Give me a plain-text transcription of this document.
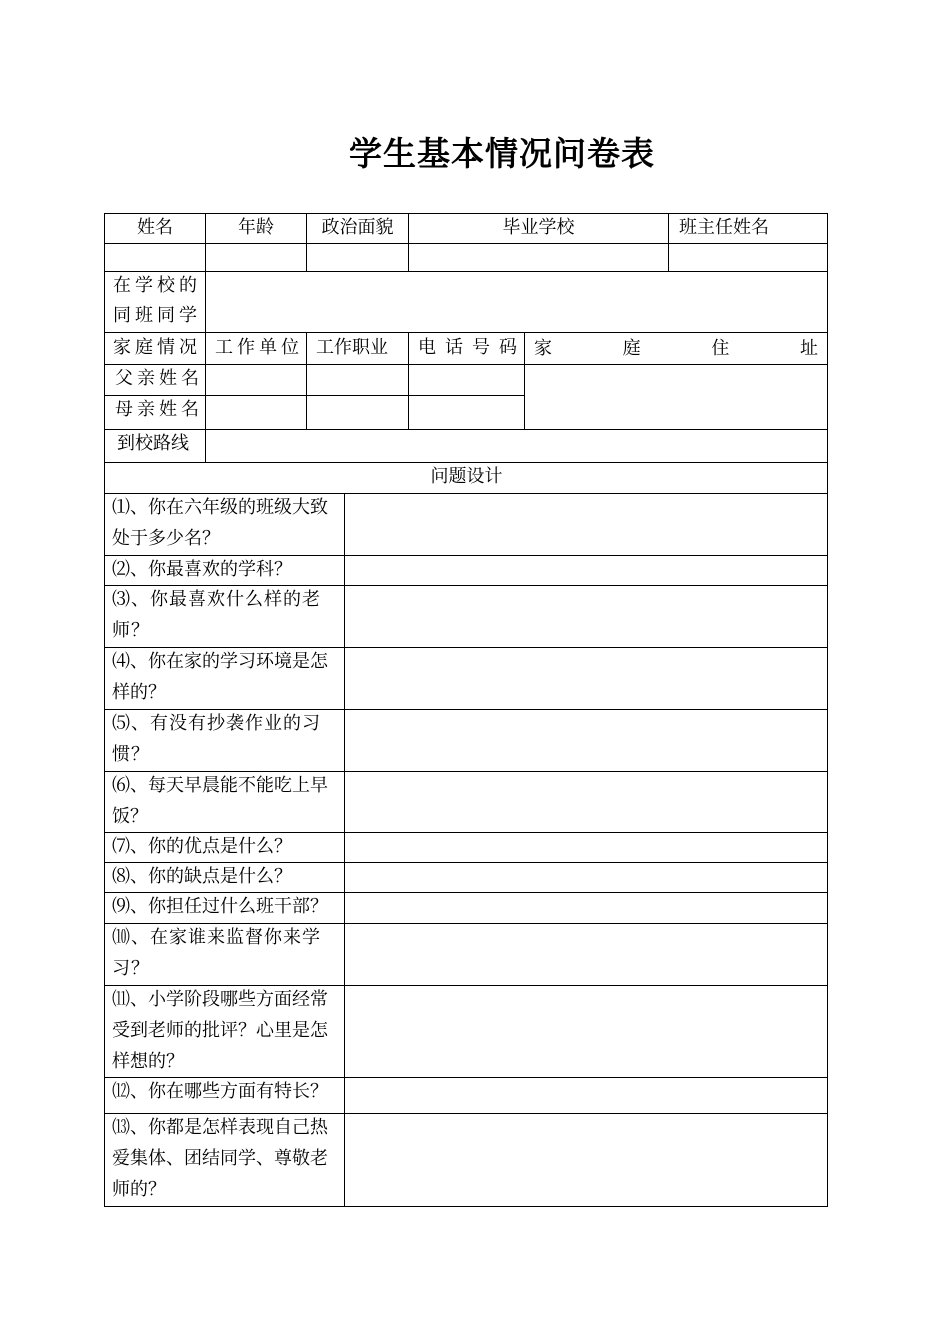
学生基本情况问卷表
姓名	年龄	政治面貌	毕业学校	班主任姓名
在学校的
同班同学
家庭情况 工作单位 工作职业 电话号码 家	庭	住	址
父亲姓名
母亲姓名
到校路线
问题设计
⑴、你在六年级的班级大致处于多少名？
⑵、你最喜欢的学科？
⑶、你最喜欢什么样的老师？
⑷、你在家的学习环境是怎样的？
⑸、有没有抄袭作业的习惯？
⑹、每天早晨能不能吃上早饭？
⑺、你的优点是什么？
⑻、你的缺点是什么？
⑼、你担任过什么班干部？
⑽、在家谁来监督你来学习？
⑾、小学阶段哪些方面经常受到老师的批评？心里是怎样想的？
⑿、你在哪些方面有特长？
⒀、你都是怎样表现自己热爱集体、团结同学、尊敬老师的？
